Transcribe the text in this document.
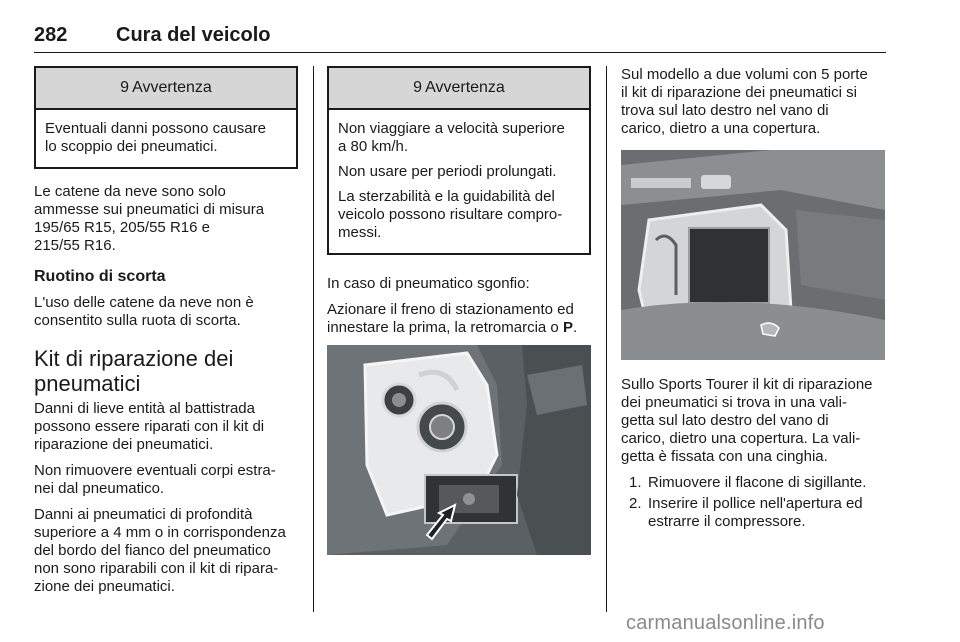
282 Cura del veicolo
9 Avvertenza

Eventuali danni possono causare
lo scoppio dei pneumatici.

Le catene da neve sono solo
ammesse sui pneumatici di misura
195/65 R15, 205/55 R16 e
215/55 R16.

Ruotino di scorta

L'uso delle catene da neve non è
consentito sulla ruota di scorta.

Kit di riparazione dei
pneumatici

Danni di lieve entità al battistrada
possono essere riparati con il kit di
riparazione dei pneumatici.

Non rimuovere eventuali corpi estra-
nei dal pneumatico.

Danni ai pneumatici di profondità
superiore a 4 mm o in corrispondenza
del bordo del fianco del pneumatico
non sono riparabili con il kit di ripara-
zione dei pneumatici.

9 Avvertenza

Non viaggiare a velocità superiore
a 80 km/h.

Non usare per periodi prolungati.

La sterzabilità e la guidabilità del
veicolo possono risultare compro-
messi.

In caso di pneumatico sgonfio:

Azionare il freno di stazionamento ed
innestare la prima, la retromarcia o P.

Sul modello a due volumi con 5 porte
il kit di riparazione dei pneumatici si
trova sul lato destro nel vano di
carico, dietro a una copertura.

Sullo Sports Tourer il kit di riparazione
dei pneumatici si trova in una vali-
getta sul lato destro del vano di
carico, dietro una copertura. La vali-
getta è fissata con una cinghia.

1. Rimuovere il flacone di sigillante.
2. Inserire il pollice nell'apertura ed
estrarre il compressore.
carmanualsonline.info
